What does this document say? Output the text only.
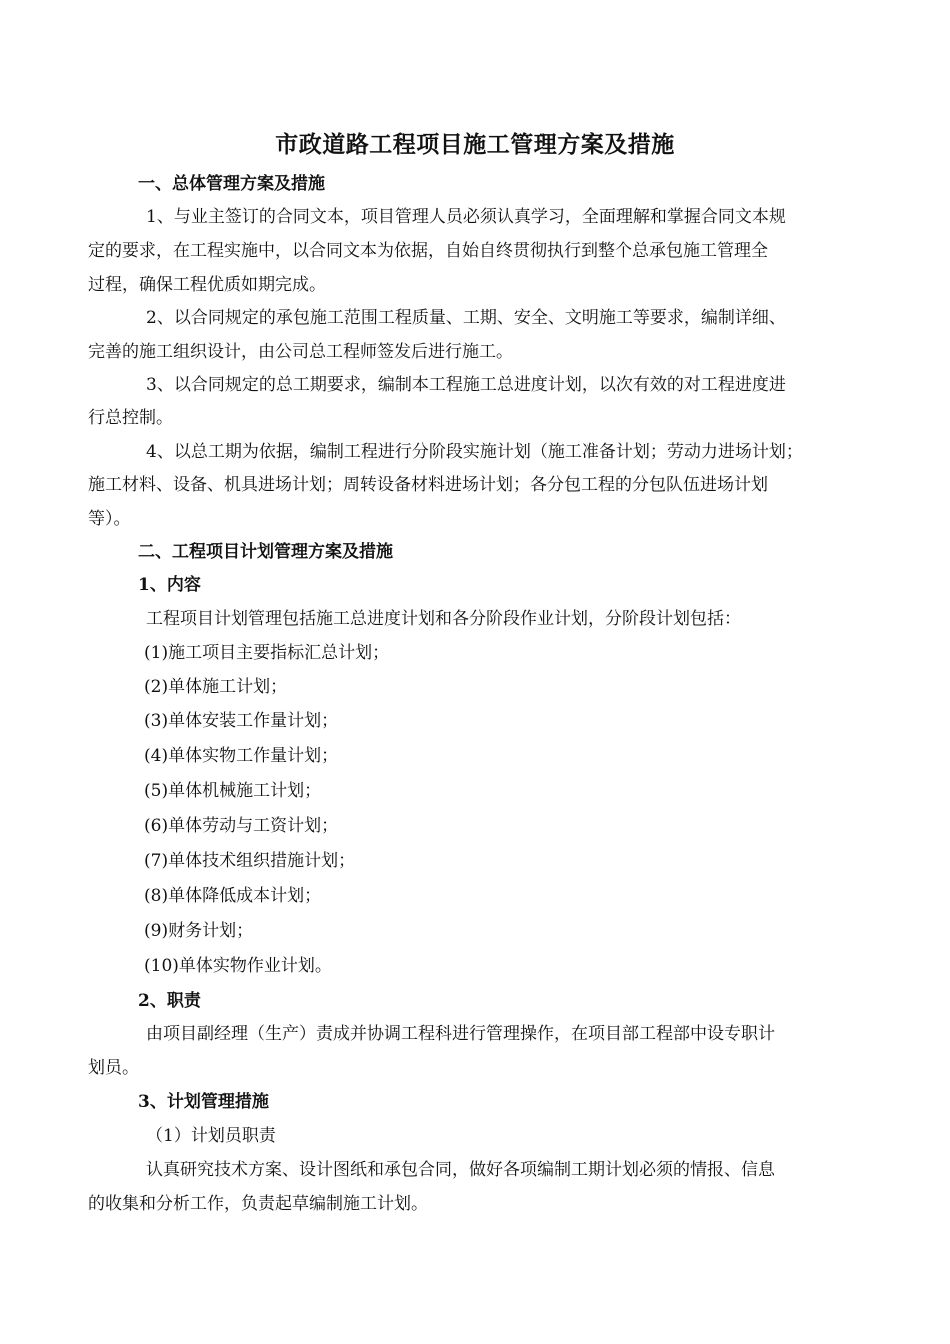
市政道路工程项目施工管理方案及措施
一、总体管理方案及措施
1、与业主签订的合同文本，项目管理人员必须认真学习，全面理解和掌握合同文本规
定的要求，在工程实施中，以合同文本为依据，自始自终贯彻执行到整个总承包施工管理全
过程，确保工程优质如期完成。
2、以合同规定的承包施工范围工程质量、工期、安全、文明施工等要求，编制详细、
完善的施工组织设计，由公司总工程师签发后进行施工。
3、以合同规定的总工期要求，编制本工程施工总进度计划，以次有效的对工程进度进
行总控制。
4、以总工期为依据，编制工程进行分阶段实施计划（施工准备计划；劳动力进场计划；
施工材料、设备、机具进场计划；周转设备材料进场计划；各分包工程的分包队伍进场计划
等）。
二、工程项目计划管理方案及措施
1、内容
工程项目计划管理包括施工总进度计划和各分阶段作业计划，分阶段计划包括：
(1)施工项目主要指标汇总计划；
(2)单体施工计划；
(3)单体安装工作量计划；
(4)单体实物工作量计划；
(5)单体机械施工计划；
(6)单体劳动与工资计划；
(7)单体技术组织措施计划；
(8)单体降低成本计划；
(9)财务计划；
(10)单体实物作业计划。
2、职责
由项目副经理（生产）责成并协调工程科进行管理操作，在项目部工程部中设专职计
划员。
3、计划管理措施
（1）计划员职责
认真研究技术方案、设计图纸和承包合同，做好各项编制工期计划必须的情报、信息
的收集和分析工作，负责起草编制施工计划。
